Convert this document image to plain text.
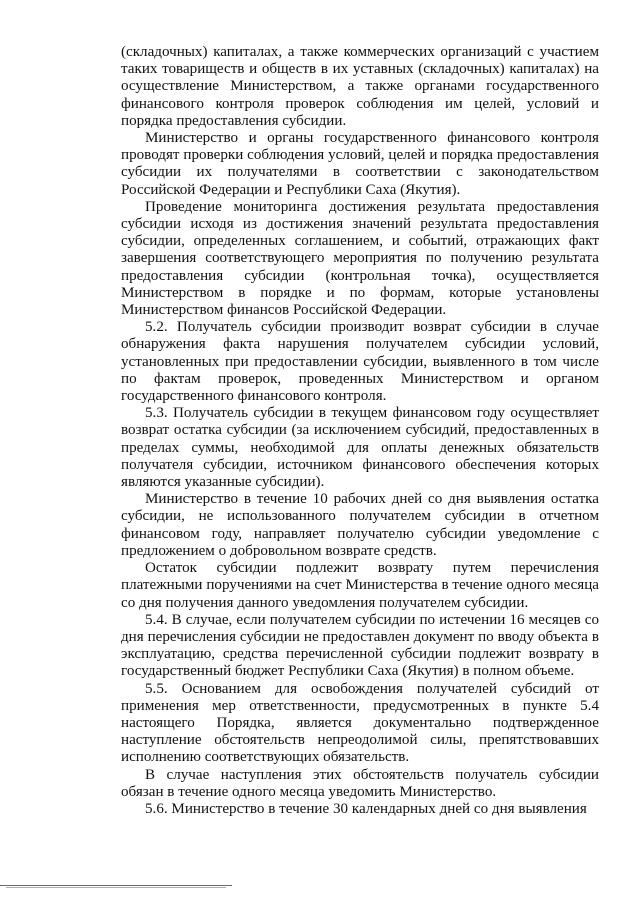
(складочных) капиталах, а также коммерческих организаций с участием таких товариществ и обществ в их уставных (складочных) капиталах) на осуществление Министерством, а также органами государственного финансового контроля проверок соблюдения им целей, условий и порядка предоставления субсидии.

Министерство и органы государственного финансового контроля проводят проверки соблюдения условий, целей и порядка предоставления субсидии их получателями в соответствии с законодательством Российской Федерации и Республики Саха (Якутия).

Проведение мониторинга достижения результата предоставления субсидии исходя из достижения значений результата предоставления субсидии, определенных соглашением, и событий, отражающих факт завершения соответствующего мероприятия по получению результата предоставления субсидии (контрольная точка), осуществляется Министерством в порядке и по формам, которые установлены Министерством финансов Российской Федерации.

5.2. Получатель субсидии производит возврат субсидии в случае обнаружения факта нарушения получателем субсидии условий, установленных при предоставлении субсидии, выявленного в том числе по фактам проверок, проведенных Министерством и органом государственного финансового контроля.

5.3. Получатель субсидии в текущем финансовом году осуществляет возврат остатка субсидии (за исключением субсидий, предоставленных в пределах суммы, необходимой для оплаты денежных обязательств получателя субсидии, источником финансового обеспечения которых являются указанные субсидии).

Министерство в течение 10 рабочих дней со дня выявления остатка субсидии, не использованного получателем субсидии в отчетном финансовом году, направляет получателю субсидии уведомление с предложением о добровольном возврате средств.

Остаток субсидии подлежит возврату путем перечисления платежными поручениями на счет Министерства в течение одного месяца со дня получения данного уведомления получателем субсидии.

5.4. В случае, если получателем субсидии по истечении 16 месяцев со дня перечисления субсидии не предоставлен документ по вводу объекта в эксплуатацию, средства перечисленной субсидии подлежит возврату в государственный бюджет Республики Саха (Якутия) в полном объеме.

5.5. Основанием для освобождения получателей субсидий от применения мер ответственности, предусмотренных в пункте 5.4 настоящего Порядка, является документально подтвержденное наступление обстоятельств непреодолимой силы, препятствовавших исполнению соответствующих обязательств.

В случае наступления этих обстоятельств получатель субсидии обязан в течение одного месяца уведомить Министерство.

5.6. Министерство в течение 30 календарных дней со дня выявления
